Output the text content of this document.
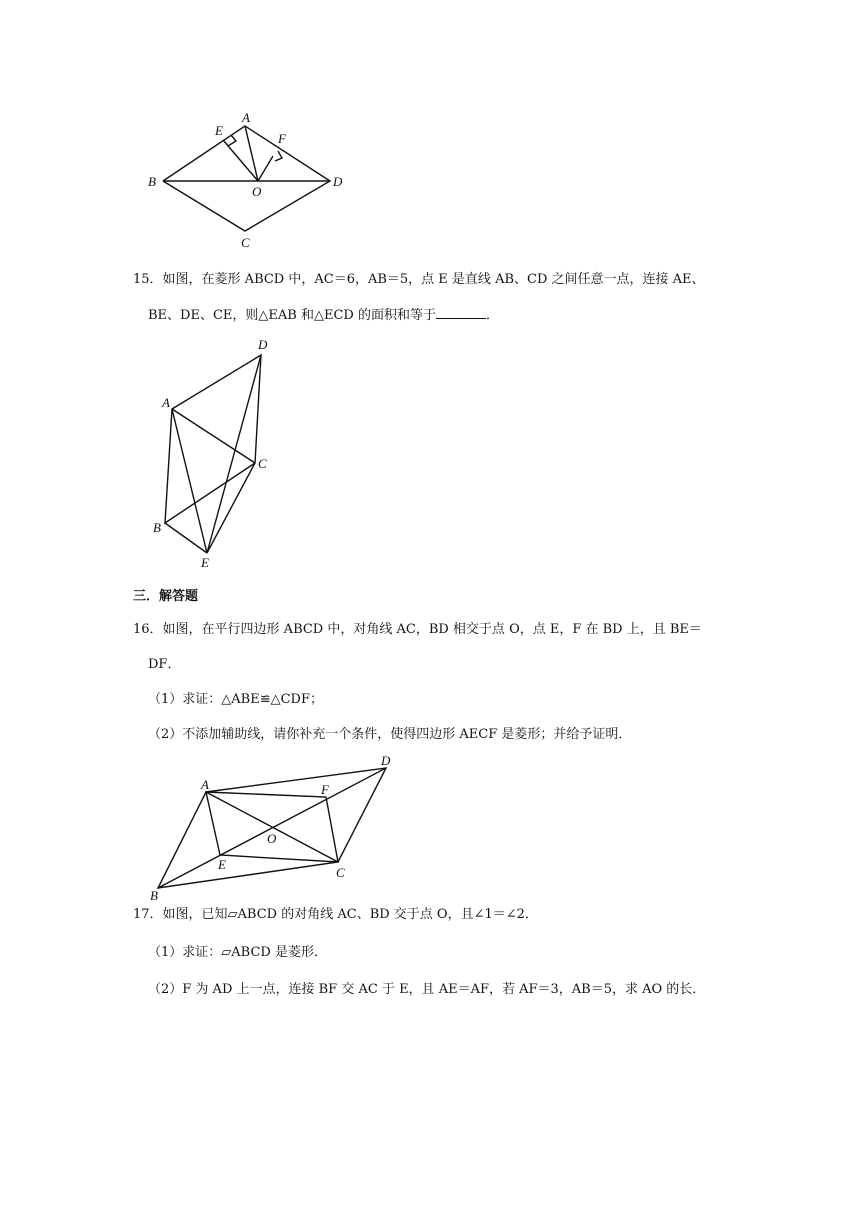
A
E
F
B
O
D
C
15．如图，在菱形 ABCD 中，AC＝6，AB＝5，点 E 是直线 AB、CD 之间任意一点，连接 AE、
BE、DE、CE，则△EAB 和△ECD 的面积和等于	．
A
D
C
B
E
三．解答题
16．如图，在平行四边形 ABCD 中，对角线 AC，BD 相交于点 O，点 E，F 在 BD 上，且 BE＝
DF．
（1）求证：△ABE≌△CDF；
（2）不添加辅助线，请你补充一个条件，使得四边形 AECF 是菱形；并给予证明．
A
D
F
O
E
C
B
17．如图，已知▱ABCD 的对角线 AC、BD 交于点 O，且∠1＝∠2．
（1）求证：▱ABCD 是菱形．
（2）F 为 AD 上一点，连接 BF 交 AC 于 E，且 AE＝AF，若 AF＝3，AB＝5，求 AO 的长．
